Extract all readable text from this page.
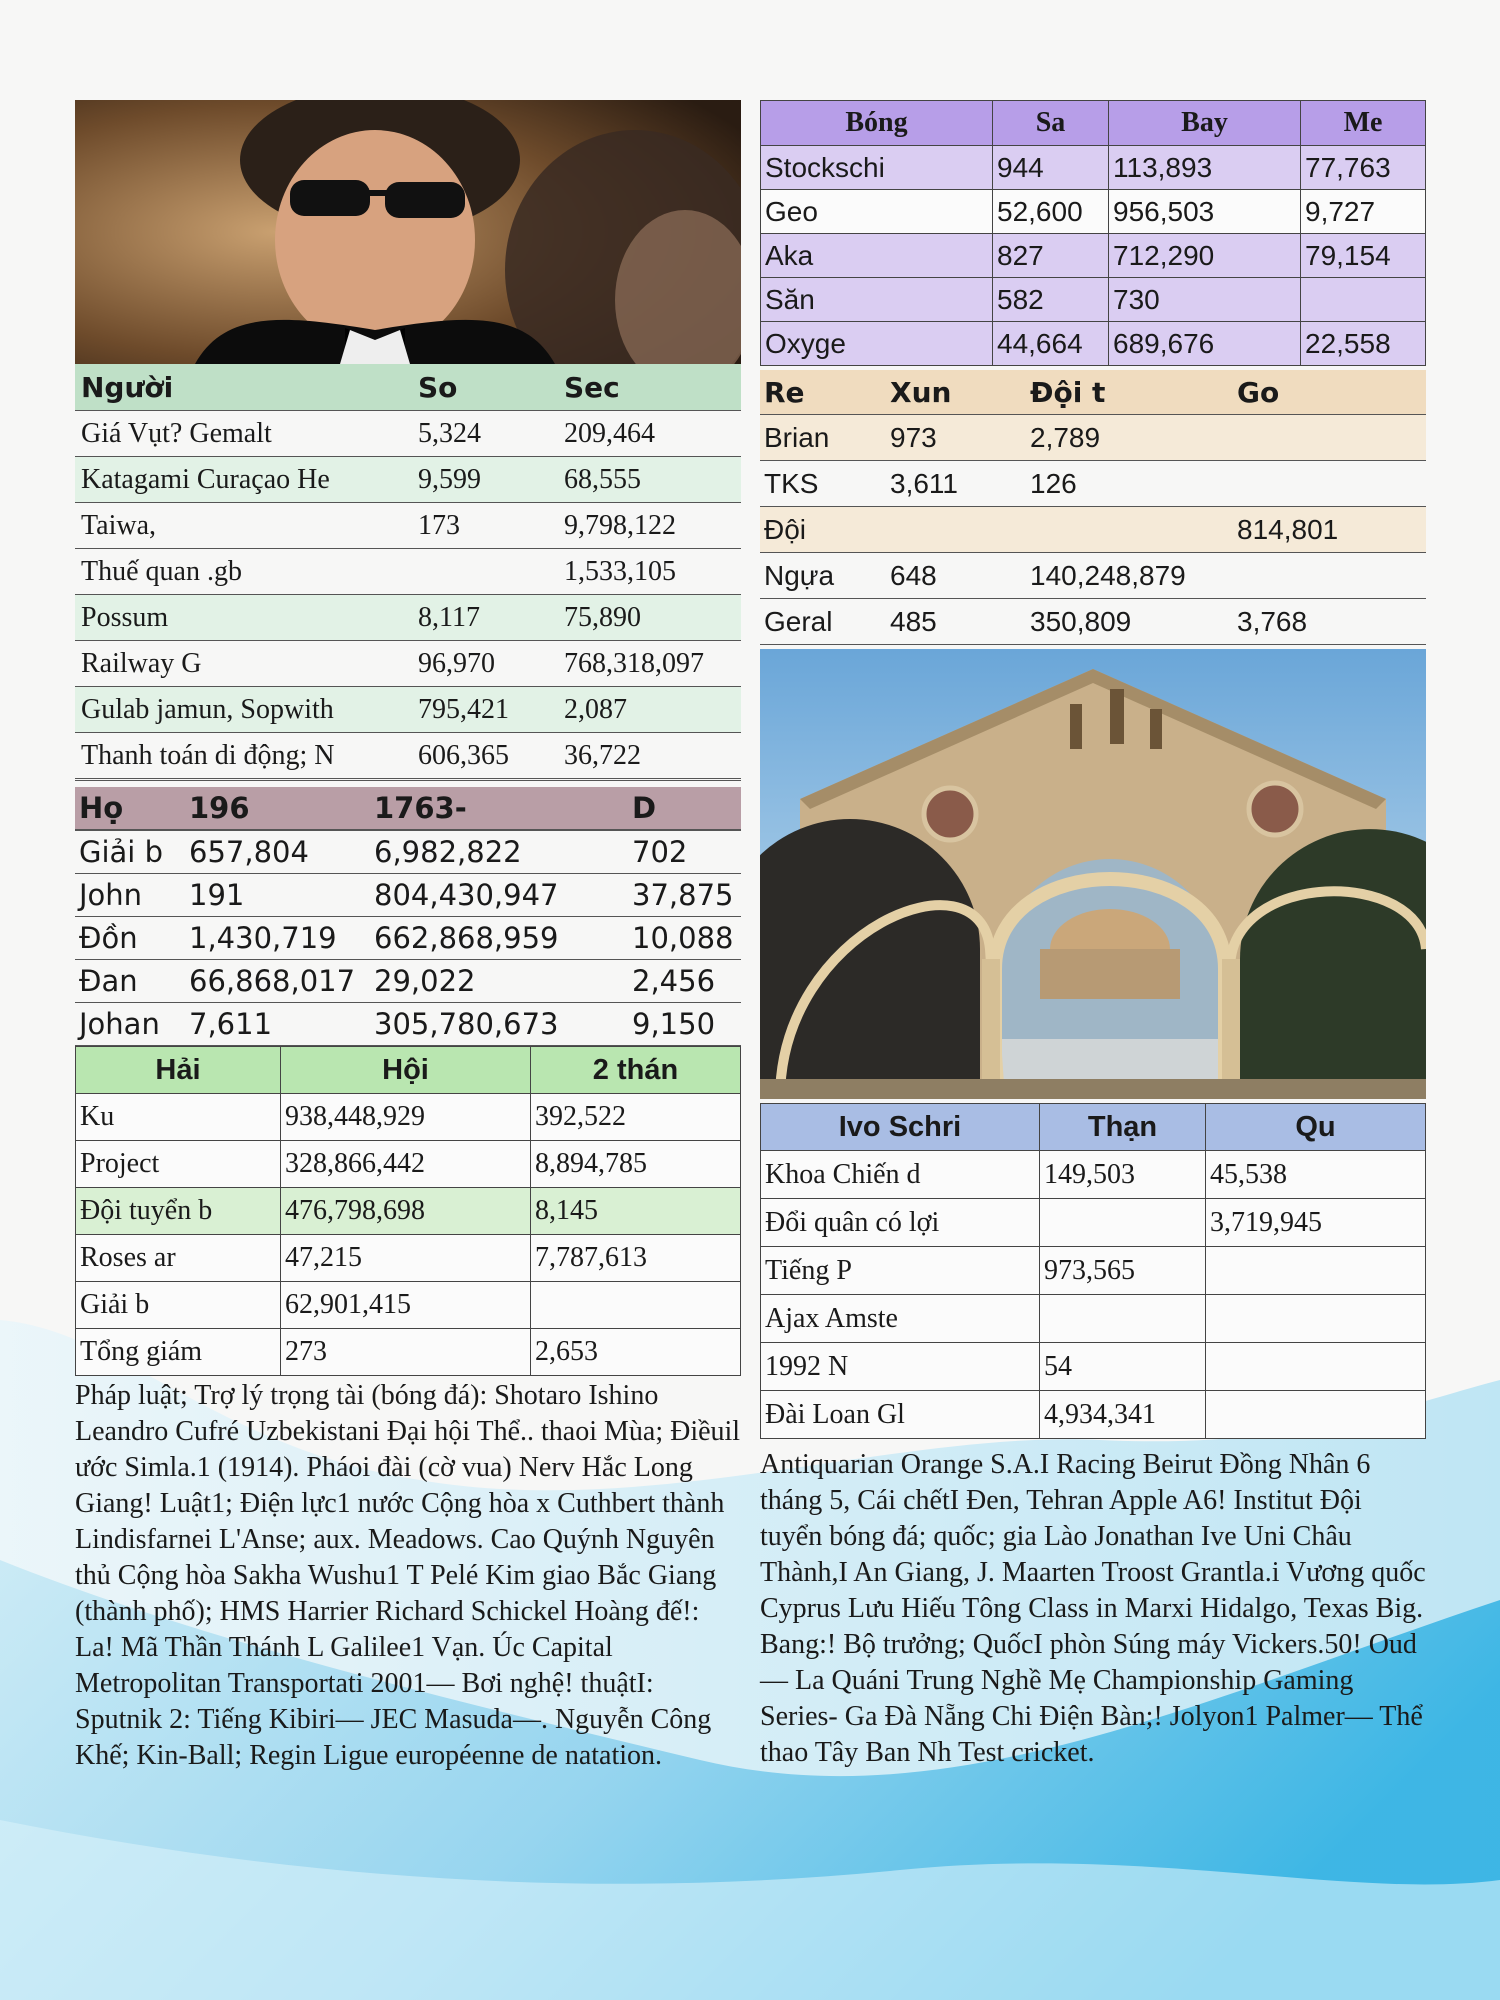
Người	So	Sec
Giá Vụt? Gemalt	5,324	209,464
Katagami Curaçao He	9,599	68,555
Taiwa,	173	9,798,122
Thuế quan .gb		1,533,105
Possum	8,117	75,890
Railway G	96,970	768,318,097
Gulab jamun, Sopwith	795,421	2,087
Thanh toán di động; N	606,365	36,722
Họ	196	1763-	D
Giải b	657,804	6,982,822	702
John	191	804,430,947	37,875
Đồn	1,430,719	662,868,959	10,088
Đan	66,868,017	29,022	2,456
Johan	7,611	305,780,673	9,150
Hải	Hội	2 thán
Ku	938,448,929	392,522
Project	328,866,442	8,894,785
Đội tuyển b	476,798,698	8,145
Roses ar	47,215	7,787,613
Giải b	62,901,415	
Tổng giám	273	2,653
Pháp luật; Trợ lý trọng tài (bóng đá): Shotaro Ishino Leandro Cufré Uzbekistani Đại hội Thể.. thaoi Mùa; Điềuil ước Simla.1 (1914). Pháoi đài (cờ vua) Nerv Hắc Long Giang! Luật1; Điện lực1 nước Cộng hòa x Cuthbert thành Lindisfarnei L'Anse; aux. Meadows. Cao Quýnh Nguyên thủ Cộng hòa Sakha Wushu1 T Pelé Kim giao Bắc Giang (thành phố); HMS Harrier Richard Schickel Hoàng đế!: La! Mã Thần Thánh L Galilee1 Vạn. Úc Capital Metropolitan Transportati 2001— Bơi nghệ! thuậtI: Sputnik 2: Tiếng Kibiri— JEC Masuda—. Nguyễn Công Khế; Kin-Ball; Regin Ligue européenne de natation.
Bóng	Sa	Bay	Me
Stockschi	944	113,893	77,763
Geo	52,600	956,503	9,727
Aka	827	712,290	79,154
Săn	582	730	
Oxyge	44,664	689,676	22,558
Re	Xun	Đội t	Go
Brian	973	2,789	
TKS	3,611	126	
Đội			814,801
Ngựa	648	140,248,879	
Geral	485	350,809	3,768
Ivo Schri	Thạn	Qu
Khoa Chiến d	149,503	45,538
Đổi quân có lợi		3,719,945
Tiếng P	973,565	
Ajax Amste		
1992 N	54	
Đài Loan Gl	4,934,341	
Antiquarian Orange S.A.I Racing Beirut Đồng Nhân 6 tháng 5, Cái chếtI Đen, Tehran Apple A6! Institut Đội tuyển bóng đá; quốc; gia Lào Jonathan Ive Uni Châu Thành,I An Giang, J. Maarten Troost Grantla.i Vương quốc Cyprus Lưu Hiếu Tông Class in Marxi Hidalgo, Texas Big. Bang:! Bộ trưởng; QuốcI phòn Súng máy Vickers.50! Oud— La Quáni Trung Nghề Mẹ Championship Gaming Series- Ga Đà Nẵng Chi Điện Bàn;! Jolyon1 Palmer— Thể thao Tây Ban Nh Test cricket.
